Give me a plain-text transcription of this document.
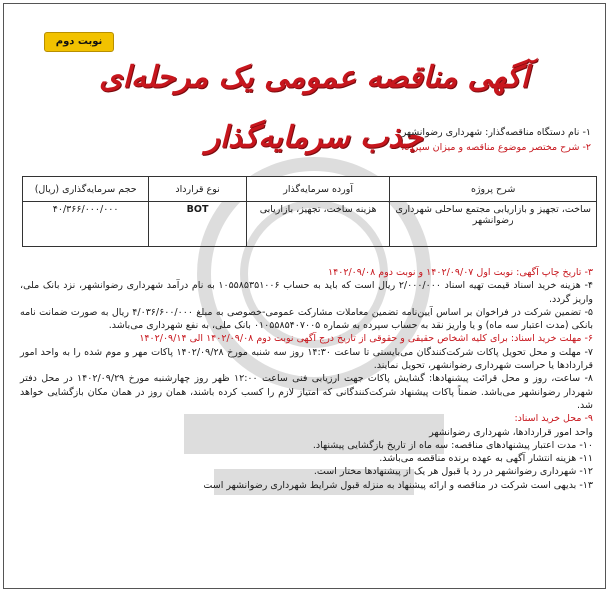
نوبت دوم
آگهی مناقصه عمومی یک مرحله‌ای جذب سرمایه‌گذار
۱- نام دستگاه مناقصه‌گذار: شهرداری رضوانشهر
۲- شرح مختصر موضوع مناقصه و میزان سپرده:
شرح پروژه	آورده سرمایه‌گذار	نوع قرارداد	حجم سرمایه‌گذاری (ریال)
ساخت، تجهیز و بازاریابی مجتمع ساحلی شهرداری رضوانشهر	هزینه ساخت، تجهیز، بازاریابی	BOT	۴۰/۳۶۶/۰۰۰/۰۰۰

۳- تاریخ چاپ آگهی: نوبت اول ۱۴۰۲/۰۹/۰۷ و نوبت دوم ۱۴۰۲/۰۹/۰۸

۴- هزینه خرید اسناد قیمت تهیه اسناد ۲/۰۰۰/۰۰۰ ریال است که باید به حساب ۱۰۵۵۸۵۳۵۱۰۰۶ به نام درآمد شهرداری رضوانشهر، نزد بانک ملی، واریز گردد.

۵- تضمین شرکت در فراخوان بر اساس آیین‌نامه تضمین معاملات مشارکت عمومی-خصوصی به مبلغ ۴/۰۳۶/۶۰۰/۰۰۰ ریال به صورت ضمانت نامه بانکی (مدت اعتبار سه ماه) و یا واریز نقد به حساب سپرده به شماره ۰۱۰۵۵۸۵۴۰۷۰۰۵ بانک ملی، به نفع شهرداری می‌باشد.

۶- مهلت خرید اسناد: برای کلیه اشخاص حقیقی و حقوقی از تاریخ درج آگهی نوبت دوم ۱۴۰۲/۰۹/۰۸ الی ۱۴۰۲/۰۹/۱۴

۷- مهلت و محل تحویل پاکات شرکت‌کنندگان می‌بایستی تا ساعت ۱۴:۳۰ روز سه شنبه مورخ ۱۴۰۲/۰۹/۲۸ پاکات مهر و موم شده را به واحد امور قراردادها یا حراست شهرداری رضوانشهر، تحویل نمایند.

۸- ساعت، روز و محل قرائت پیشنهادها: گشایش پاکات جهت ارزیابی فنی ساعت ۱۲:۰۰ ظهر روز چهارشنبه مورخ ۱۴۰۲/۰۹/۲۹ در محل دفتر شهردار رضوانشهر می‌باشد. ضمناً پاکات پیشنهاد شرکت‌کنندگانی که امتیاز لازم را کسب کرده باشند، همان روز در همان مکان بازگشایی خواهد شد.

۹- محل خرید اسناد:

واحد امور قراردادها، شهرداری رضوانشهر

۱۰- مدت اعتبار پیشنهادهای مناقصه: سه ماه از تاریخ بازگشایی پیشنهاد.

۱۱- هزینه انتشار آگهی به عهده برنده مناقصه می‌باشد.

۱۲- شهرداری رضوانشهر در رد یا قبول هر یک از پیشنهادها مختار است.

۱۳- بدیهی است شرکت در مناقصه و ارائه پیشنهاد به منزله قبول شرایط شهرداری رضوانشهر است
